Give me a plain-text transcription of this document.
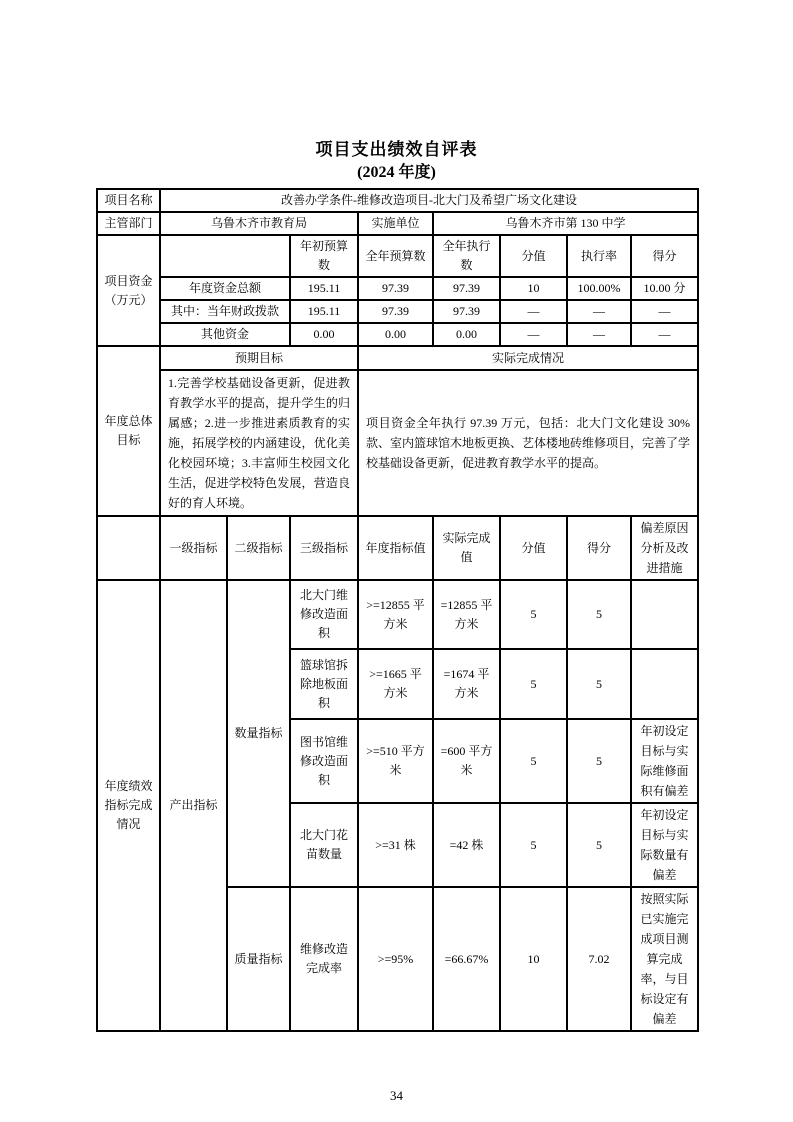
项目支出绩效自评表
(2024 年度)
项目名称	改善办学条件-维修改造项目-北大门及希望广场文化建设							
主管部门	乌鲁木齐市教育局			实施单位	乌鲁木齐市第 130 中学			
项目资金（万元）			年初预算数	全年预算数	全年执行数	分值	执行率	得分
	年度资金总额		195.11	97.39	97.39	10	100.00%	10.00 分
	其中：当年财政拨款		195.11	97.39	97.39	—	—	—
	其他资金		0.00	0.00	0.00	—	—	—
年度总体目标	预期目标			实际完成情况				
	1.完善学校基础设备更新，促进教育教学水平的提高，提升学生的归属感；2.进一步推进素质教育的实施，拓展学校的内涵建设，优化美化校园环境；3.丰富师生校园文化生活，促进学校特色发展，营造良好的育人环境。			项目资金全年执行 97.39 万元，包括：北大门文化建设 30%款、室内篮球馆木地板更换、艺体楼地砖维修项目，完善了学校基础设备更新，促进教育教学水平的提高。				
	一级指标	二级指标	三级指标	年度指标值	实际完成值	分值	得分	偏差原因分析及改进措施
年度绩效指标完成情况	产出指标	数量指标	北大门维修改造面积	>=12855 平方米	=12855 平方米	5	5	
			篮球馆拆除地板面积	>=1665 平方米	=1674 平方米	5	5	
			图书馆维修改造面积	>=510 平方米	=600 平方米	5	5	年初设定目标与实际维修面积有偏差
			北大门花苗数量	>=31 株	=42 株	5	5	年初设定目标与实际数量有偏差
		质量指标	维修改造完成率	>=95%	=66.67%	10	7.02	按照实际已实施完成项目测算完成率，与目标设定有偏差
34
